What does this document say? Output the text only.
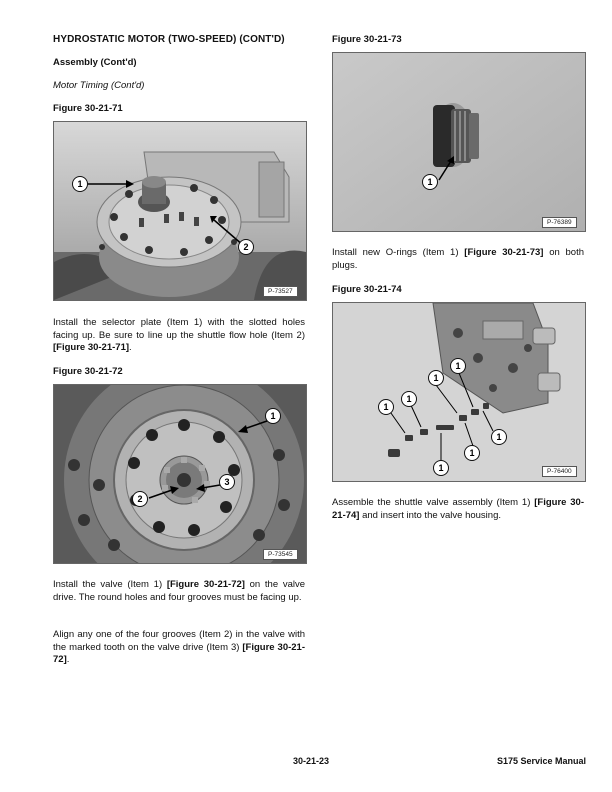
HYDROSTATIC MOTOR (TWO-SPEED) (CONT'D)
Assembly (Cont'd)
Motor Timing (Cont'd)
Figure 30-21-71
1
2
P-73527
Install the selector plate (Item 1) with the slotted holes facing up. Be sure to line up the shuttle flow hole (Item 2) [Figure 30-21-71].
Figure 30-21-72
1
3
2
P-73545
Install the valve (Item 1) [Figure 30-21-72] on the valve drive. The round holes and four grooves must be facing up.
Align any one of the four grooves (Item 2) in the valve with the marked tooth on the valve drive (Item 3) [Figure 30-21-72].
Figure 30-21-73
1
P-76389
Install new O-rings (Item 1) [Figure 30-21-73] on both plugs.
Figure 30-21-74
1
1
1
1
1
1
1	P-76400
Assemble the shuttle valve assembly (Item 1) [Figure 30-21-74] and insert into the valve housing.
30-21-23	S175 Service Manual
